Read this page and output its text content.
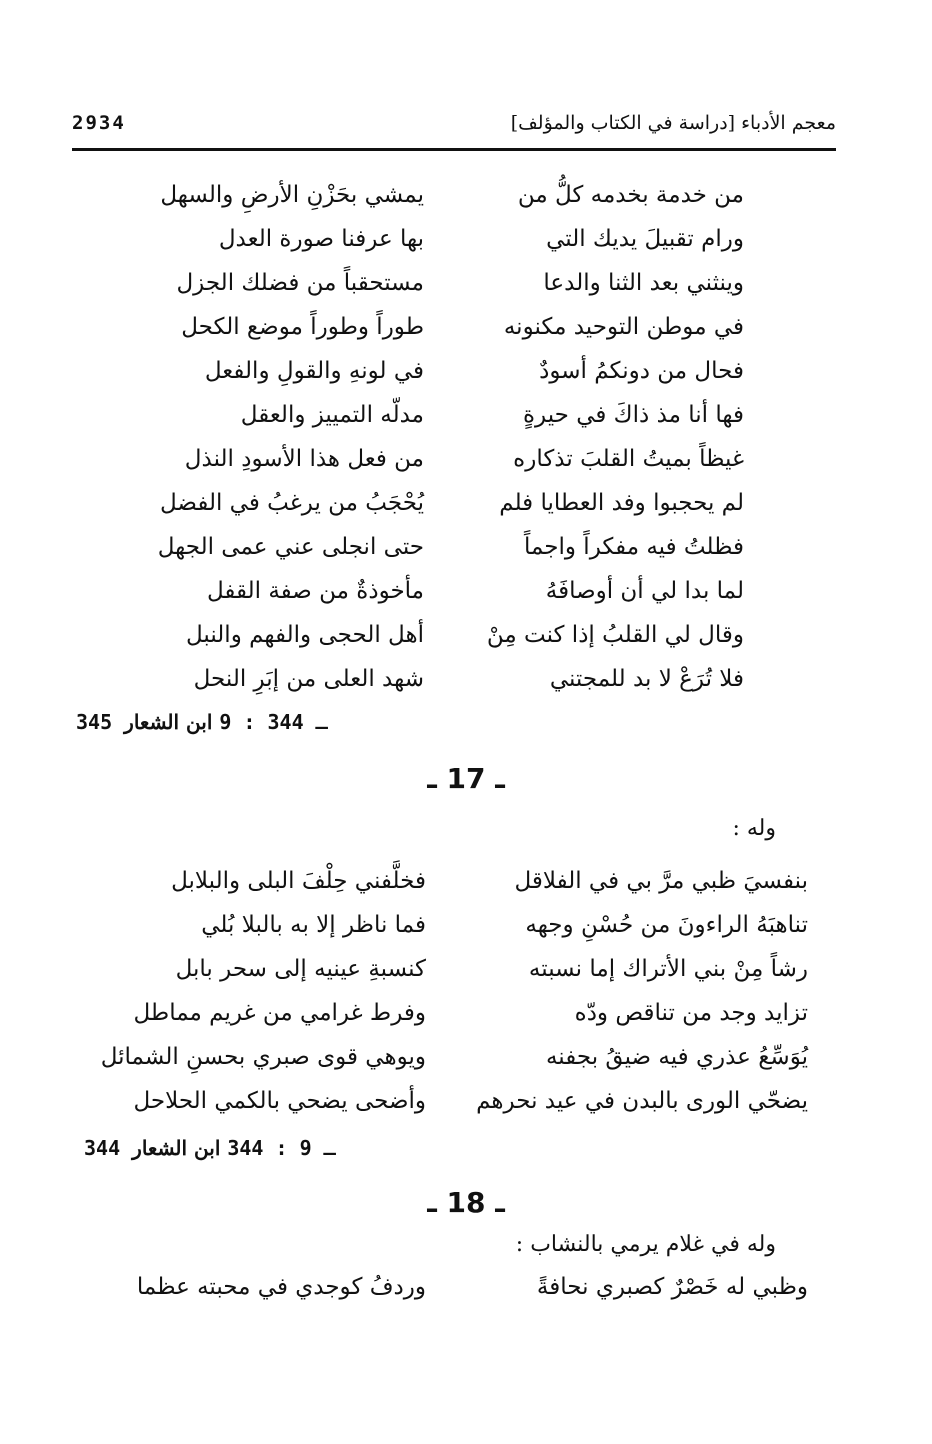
2934	معجم الأدباء [دراسة في الكتاب والمؤلف]
من خدمة بخدمه كلُّ من
يمشي بحَزْنِ الأرضِ والسهل
ورام تقبيلَ يديك التي
بها عرفنا صورة العدل
وينثني بعد الثنا والدعا
مستحقباً من فضلك الجزل
في موطن التوحيد مكنونه
طوراً وطوراً موضع الكحل
فحال من دونكمُ أسودٌ
في لونهِ والقولِ والفعل
فها أنا مذ ذاكَ في حيرةٍ
مدلّه التمييز والعقل
غيظاً بميتُ القلبَ تذكاره
من فعل هذا الأسودِ النذل
لم يحجبوا وفد العطايا فلم
يُحْجَبُ من يرغبُ في الفضل
فظلتُ فيه مفكراً واجماً
حتى انجلى عني عمى الجهل
لما بدا لي أن أوصافَهُ
مأخوذةٌ من صفة القفل
وقال لي القلبُ إذا كنت مِنْ
أهل الحجى والفهم والنبل
فلا تُرَعْ لا بد للمجتني
شهد العلى من إبَرِ النحل
345 ـ 344 : 9 ابن الشعار
ـ 17 ـ
وله :
بنفسيَ ظبي مرَّ بي في الفلاقل
فخلَّفني حِلْفَ البلى والبلابل
تناهبَهُ الراءونَ من حُسْنِ وجهه
فما ناظر إلا به بالبلا بُلي
رشاً مِنْ بني الأتراك إما نسبته
كنسبةِ عينيه إلى سحر بابل
تزايد وجد من تناقص ودّه
وفرط غرامي من غريم مماطل
يُوَسِّعُ عذري فيه ضيقُ بجفنه
ويوهي قوى صبري بحسنِ الشمائل
يضحّي الورى بالبدن في عيد نحرهم
وأضحى يضحي بالكمي الحلاحل
344 ـ 9 : 344 ابن الشعار
ـ 18 ـ
وله في غلام يرمي بالنشاب :
وظبي له خَصْرٌ كصبري نحافةً
وردفُ كوجدي في محبته عظما
